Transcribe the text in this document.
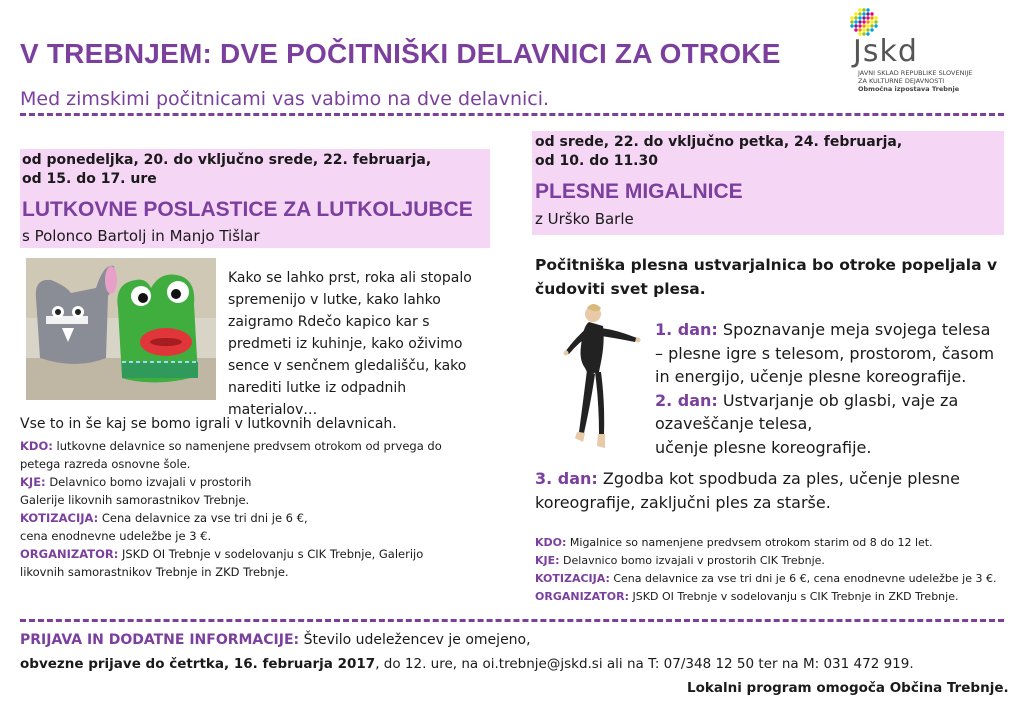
Jskd
JAVNI SKLAD REPUBLIKE SLOVENIJE
ZA KULTURNE DEJAVNOSTI
Območna izpostava Trebnje
V TREBNJEM: DVE POČITNIŠKI DELAVNICI ZA OTROKE
Med zimskimi počitnicami vas vabimo na dve delavnici.
od srede, 22. do vključno petka, 24. februarja,
od 10. do 11.30
PLESNE MIGALNICE
z Urško Barle
od ponedeljka, 20. do vključno srede, 22. februarja,
od 15. do 17. ure
LUTKOVNE POSLASTICE ZA LUTKOLJUBCE
s Polonco Bartolj in Manjo Tišlar
Kako se lahko prst, roka ali stopalo
spremenijo v lutke, kako lahko
zaigramo Rdečo kapico kar s
predmeti iz kuhinje, kako oživimo
sence v senčnem gledališču, kako
narediti lutke iz odpadnih
materialov…
Vse to in še kaj se bomo igrali v lutkovnih delavnicah.
KDO: lutkovne delavnice so namenjene predvsem otrokom od prvega do
petega razreda osnovne šole.
KJE: Delavnico bomo izvajali v prostorih
Galerije likovnih samorastnikov Trebnje.
KOTIZACIJA: Cena delavnice za vse tri dni je 6 €,
cena enodnevne udeležbe je 3 €.
ORGANIZATOR: JSKD OI Trebnje v sodelovanju s CIK Trebnje, Galerijo
likovnih samorastnikov Trebnje in ZKD Trebnje.
Počitniška plesna ustvarjalnica bo otroke popeljala v
čudoviti svet plesa.
1. dan: Spoznavanje meja svojega telesa
– plesne igre s telesom, prostorom, časom
in energijo, učenje plesne koreografije.
2. dan: Ustvarjanje ob glasbi, vaje za
ozaveščanje telesa,
učenje plesne koreografije.
3. dan: Zgodba kot spodbuda za ples, učenje plesne
koreografije, zaključni ples za starše.
KDO: Migalnice so namenjene predvsem otrokom starim od 8 do 12 let.
KJE: Delavnico bomo izvajali v prostorih CIK Trebnje.
KOTIZACIJA: Cena delavnice za vse tri dni je 6 €, cena enodnevne udeležbe je 3 €.
ORGANIZATOR: JSKD OI Trebnje v sodelovanju s CIK Trebnje in ZKD Trebnje.
PRIJAVA IN DODATNE INFORMACIJE: Število udeležencev je omejeno,
obvezne prijave do četrtka, 16. februarja 2017, do 12. ure, na oi.trebnje@jskd.si ali na T: 07/348 12 50 ter na M: 031 472 919.
Lokalni program omogoča Občina Trebnje.
